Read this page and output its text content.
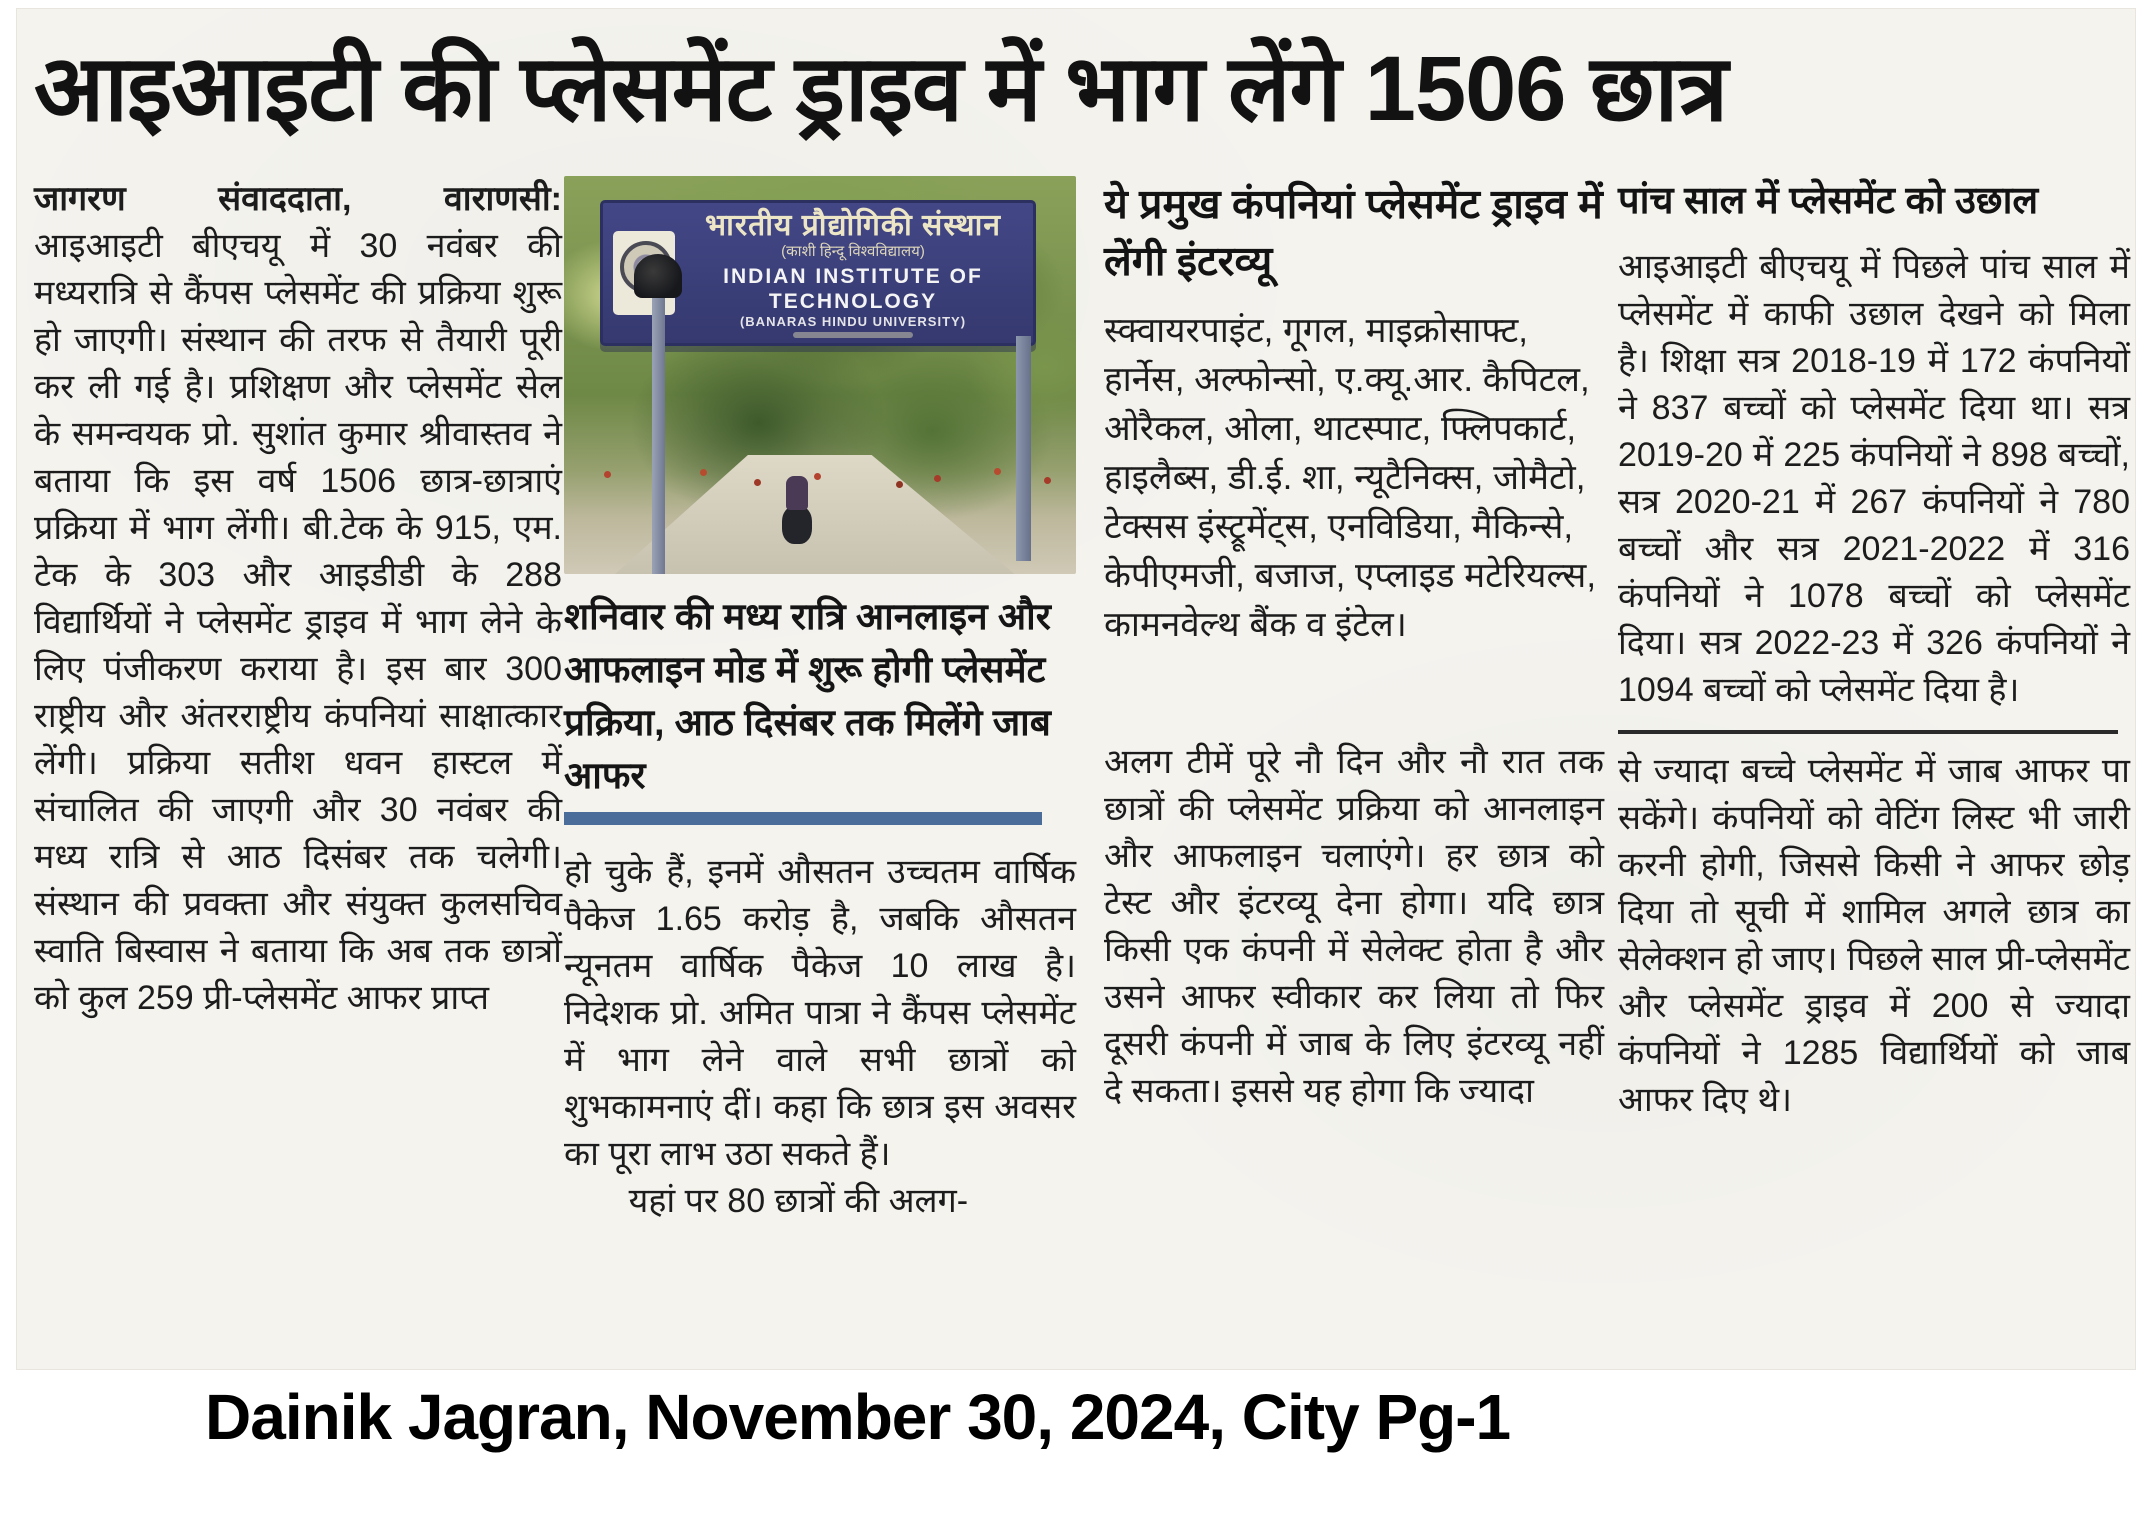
आइआइटी की प्लेसमेंट ड्राइव में भाग लेंगे 1506 छात्र
जागरण संवाददाता, वाराणसी:
आइआइटी बीएचयू में 30 नवंबर की मध्यरात्रि से कैंपस प्लेसमेंट की प्रक्रिया शुरू हो जाएगी। संस्थान की तरफ से तैयारी पूरी कर ली गई है। प्रशिक्षण और प्लेसमेंट सेल के समन्वयक प्रो. सुशांत कुमार श्रीवास्तव ने बताया कि इस वर्ष 1506 छात्र-छात्राएं प्रक्रिया में भाग लेंगी। बी.टेक के 915, एम. टेक के 303 और आइडीडी के 288 विद्यार्थियों ने प्लेसमेंट ड्राइव में भाग लेने के लिए पंजीकरण कराया है। इस बार 300 राष्ट्रीय और अंतरराष्ट्रीय कंपनियां साक्षात्कार लेंगी। प्रक्रिया सतीश धवन हास्टल में संचालित की जाएगी और 30 नवंबर की मध्य रात्रि से आठ दिसंबर तक चलेगी। संस्थान की प्रवक्ता और संयुक्त कुलसचिव स्वाति बिस्वास ने बताया कि अब तक छात्रों को कुल 259 प्री-प्लेसमेंट आफर प्राप्त
भारतीय प्रौद्योगिकी संस्थान
(काशी हिन्दू विश्वविद्यालय)
INDIAN INSTITUTE OF TECHNOLOGY
(BANARAS HINDU UNIVERSITY)
शनिवार की मध्य रात्रि आनलाइन और आफलाइन मोड में शुरू होगी प्लेसमेंट प्रक्रिया, आठ दिसंबर तक मिलेंगे जाब आफर
हो चुके हैं, इनमें औसतन उच्चतम वार्षिक पैकेज 1.65 करोड़ है, जबकि औसतन न्यूनतम वार्षिक पैकेज 10 लाख है। निदेशक प्रो. अमित पात्रा ने कैंपस प्लेसमेंट में भाग लेने वाले सभी छात्रों को शुभकामनाएं दीं। कहा कि छात्र इस अवसर का पूरा लाभ उठा सकते हैं।
यहां पर 80 छात्रों की अलग-
ये प्रमुख कंपनियां प्लेसमेंट ड्राइव में लेंगी इंटरव्यू
स्क्वायरपाइंट, गूगल, माइक्रोसाफ्ट, हार्नेस, अल्फोन्सो, ए.क्यू.आर. कैपिटल, ओरैकल, ओला, थाटस्पाट, फ्लिपकार्ट, हाइलैब्स, डी.ई. शा, न्यूटैनिक्स, जोमैटो, टेक्सस इंस्ट्रूमेंट्स, एनविडिया, मैकिन्से, केपीएमजी, बजाज, एप्लाइड मटेरियल्स, कामनवेल्थ बैंक व इंटेल।
अलग टीमें पूरे नौ दिन और नौ रात तक छात्रों की प्लेसमेंट प्रक्रिया को आनलाइन और आफलाइन चलाएंगे। हर छात्र को टेस्ट और इंटरव्यू देना होगा। यदि छात्र किसी एक कंपनी में सेलेक्ट होता है और उसने आफर स्वीकार कर लिया तो फिर दूसरी कंपनी में जाब के लिए इंटरव्यू नहीं दे सकता। इससे यह होगा कि ज्यादा
पांच साल में प्लेसमेंट को उछाल
आइआइटी बीएचयू में पिछले पांच साल में प्लेसमेंट में काफी उछाल देखने को मिला है। शिक्षा सत्र 2018-19 में 172 कंपनियों ने 837 बच्चों को प्लेसमेंट दिया था। सत्र 2019-20 में 225 कंपनियों ने 898 बच्चों, सत्र 2020-21 में 267 कंपनियों ने 780 बच्चों और सत्र 2021-2022 में 316 कंपनियों ने 1078 बच्चों को प्लेसमेंट दिया। सत्र 2022-23 में 326 कंपनियों ने 1094 बच्चों को प्लेसमेंट दिया है।
से ज्यादा बच्चे प्लेसमेंट में जाब आफर पा सकेंगे। कंपनियों को वेटिंग लिस्ट भी जारी करनी होगी, जिससे किसी ने आफर छोड़ दिया तो सूची में शामिल अगले छात्र का सेलेक्शन हो जाए। पिछले साल प्री-प्लेसमेंट और प्लेसमेंट ड्राइव में 200 से ज्यादा कंपनियों ने 1285 विद्यार्थियों को जाब आफर दिए थे।
Dainik Jagran, November 30, 2024, City Pg-1
